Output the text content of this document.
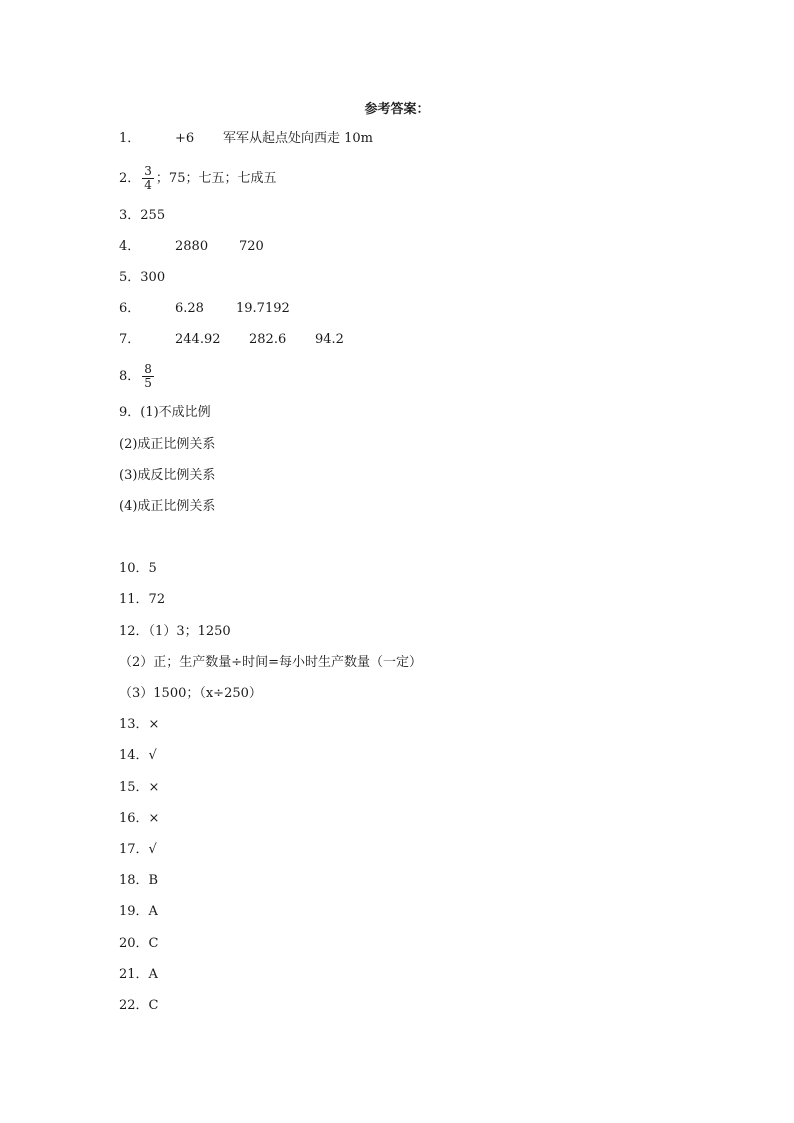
参考答案：
1．	+6 军军从起点处向西走 10m
2． $\frac{3}{4}$ ；75；七五；七成五
3．255
4．	2880 720
5．300
6．	6.28 19.7192
7．	244.92 282.6 94.2
8． $\frac{8}{5}$
9．(1)不成比例
(2)成正比例关系
(3)成反比例关系
(4)成正比例关系
10．5
11．72
12．（1）3；1250
（2）正；生产数量÷时间=每小时生产数量（一定）
（3）1500；（x÷250）
13．×
14．√
15．×
16．×
17．√
18．B
19．A
20．C
21．A
22．C
